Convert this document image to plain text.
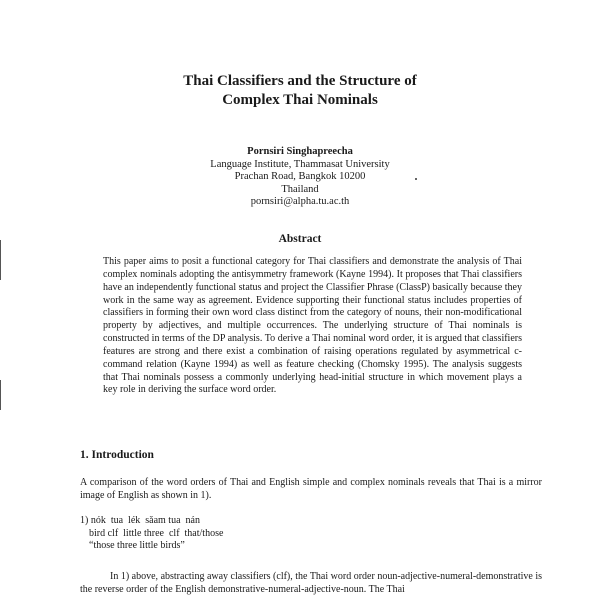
Thai Classifiers and the Structure of
Complex Thai Nominals
Pornsiri Singhapreecha
Language Institute, Thammasat University
Prachan Road, Bangkok 10200
Thailand
pornsiri@alpha.tu.ac.th
Abstract
This paper aims to posit a functional category for Thai classifiers and demonstrate the analysis of Thai complex nominals adopting the antisymmetry framework (Kayne 1994). It proposes that Thai classifiers have an independently functional status and project the Classifier Phrase (ClassP) basically because they work in the same way as agreement. Evidence supporting their functional status includes properties of classifiers in forming their own word class distinct from the category of nouns, their non-modificational property by adjectives, and multiple occurrences. The underlying structure of Thai nominals is constructed in terms of the DP analysis. To derive a Thai nominal word order, it is argued that classifiers features are strong and there exist a combination of raising operations regulated by asymmetrical c-command relation (Kayne 1994) as well as feature checking (Chomsky 1995). The analysis suggests that Thai nominals possess a commonly underlying head-initial structure in which movement plays a key role in deriving the surface word order.
1. Introduction
A comparison of the word orders of Thai and English simple and complex nominals reveals that Thai is a mirror image of English as shown in 1).
1) nók  tua  lék  sǎam tua  nán
bird clf  little three  clf  that/those
“those three little birds”
In 1) above, abstracting away classifiers (clf), the Thai word order noun-adjective-numeral-demonstrative is the reverse order of the English demonstrative-numeral-adjective-noun. The Thai
